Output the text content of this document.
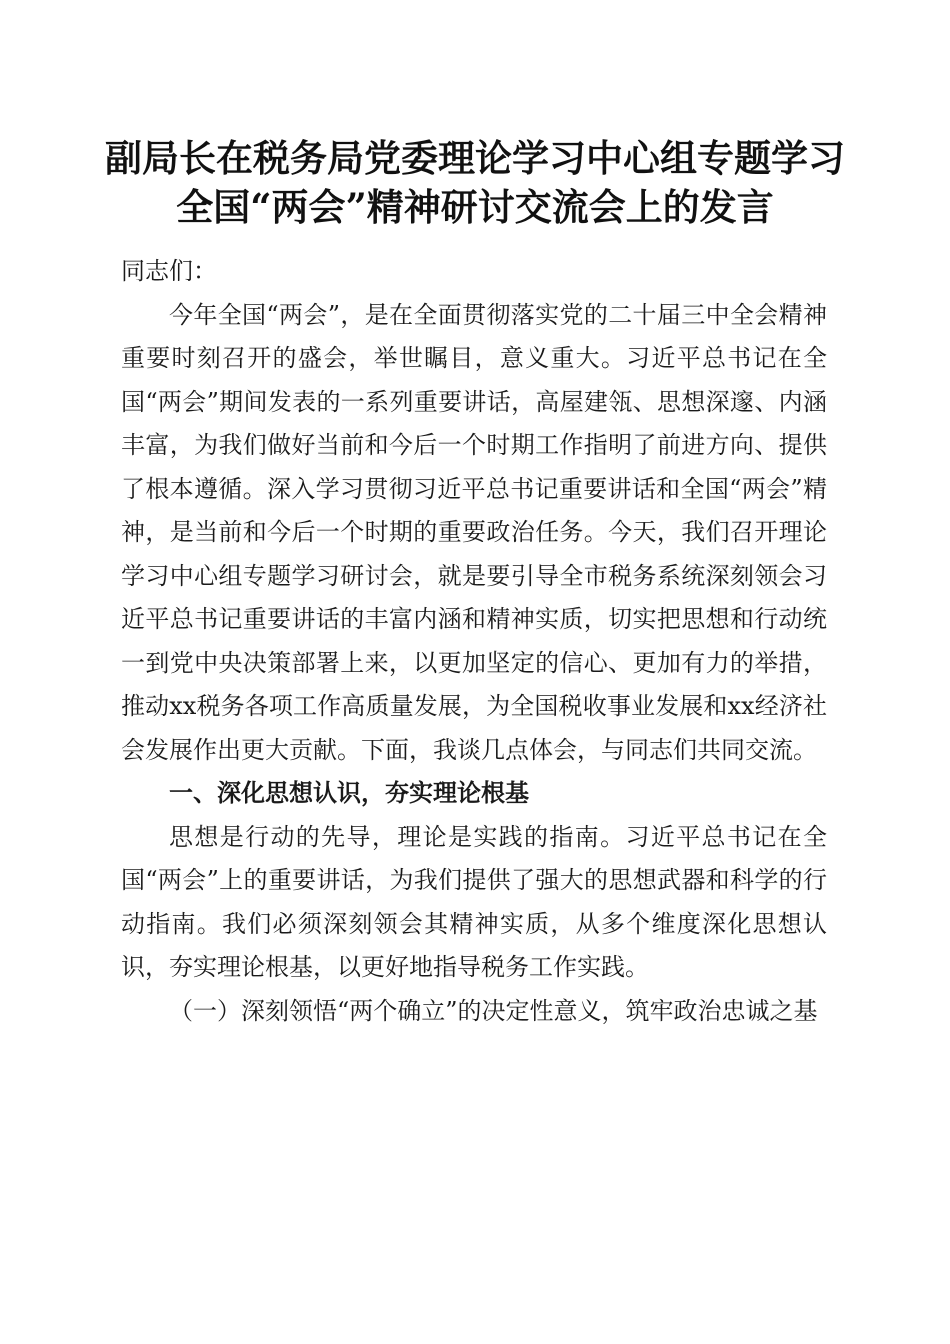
副局长在税务局党委理论学习中心组专题学习
全国“两会”精神研讨交流会上的发言

同志们：

今年全国“两会”，是在全面贯彻落实党的二十届三中全会精神重要时刻召开的盛会，举世瞩目，意义重大。习近平总书记在全国“两会”期间发表的一系列重要讲话，高屋建瓴、思想深邃、内涵丰富，为我们做好当前和今后一个时期工作指明了前进方向、提供了根本遵循。深入学习贯彻习近平总书记重要讲话和全国“两会”精神，是当前和今后一个时期的重要政治任务。今天，我们召开理论学习中心组专题学习研讨会，就是要引导全市税务系统深刻领会习近平总书记重要讲话的丰富内涵和精神实质，切实把思想和行动统一到党中央决策部署上来，以更加坚定的信心、更加有力的举措，推动xx税务各项工作高质量发展，为全国税收事业发展和xx经济社会发展作出更大贡献。下面，我谈几点体会，与同志们共同交流。

一、深化思想认识，夯实理论根基

思想是行动的先导，理论是实践的指南。习近平总书记在全国“两会”上的重要讲话，为我们提供了强大的思想武器和科学的行动指南。我们必须深刻领会其精神实质，从多个维度深化思想认识，夯实理论根基，以更好地指导税务工作实践。

（一）深刻领悟“两个确立”的决定性意义，筑牢政治忠诚之基
